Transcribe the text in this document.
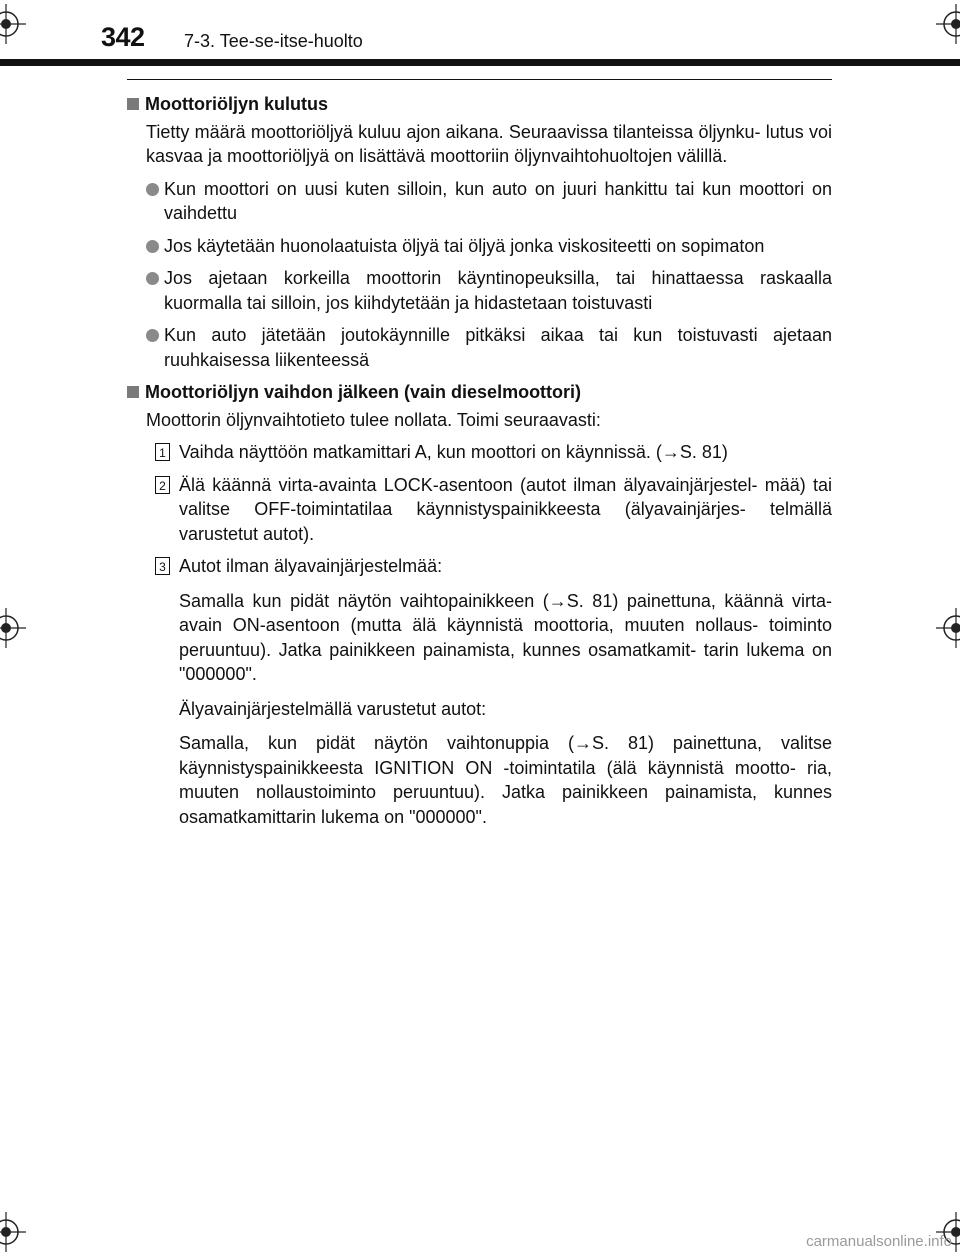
342 7-3. Tee-se-itse-huolto
Moottoriöljyn kulutus
Tietty määrä moottoriöljyä kuluu ajon aikana. Seuraavissa tilanteissa öljynku- lutus voi kasvaa ja moottoriöljyä on lisättävä moottoriin öljynvaihtohuoltojen välillä.
Kun moottori on uusi kuten silloin, kun auto on juuri hankittu tai kun moottori on vaihdettu
Jos käytetään huonolaatuista öljyä tai öljyä jonka viskositeetti on sopimaton
Jos ajetaan korkeilla moottorin käyntinopeuksilla, tai hinattaessa raskaalla kuormalla tai silloin, jos kiihdytetään ja hidastetaan toistuvasti
Kun auto jätetään joutokäynnille pitkäksi aikaa tai kun toistuvasti ajetaan ruuhkaisessa liikenteessä
Moottoriöljyn vaihdon jälkeen (vain dieselmoottori)
Moottorin öljynvaihtotieto tulee nollata. Toimi seuraavasti:
1 Vaihda näyttöön matkamittari A, kun moottori on käynnissä. (→S. 81)
2 Älä käännä virta-avainta LOCK-asentoon (autot ilman älyavainjärjestel- mää) tai valitse OFF-toimintatilaa käynnistyspainikkeesta (älyavainjärjes- telmällä varustetut autot).
3 Autot ilman älyavainjärjestelmää:
Samalla kun pidät näytön vaihtopainikkeen (→S. 81) painettuna, käännä virta-avain ON-asentoon (mutta älä käynnistä moottoria, muuten nollaus- toiminto peruuntuu). Jatka painikkeen painamista, kunnes osamatkamit- tarin lukema on "000000".
Älyavainjärjestelmällä varustetut autot:
Samalla, kun pidät näytön vaihtonuppia (→S. 81) painettuna, valitse käynnistyspainikkeesta IGNITION ON -toimintatila (älä käynnistä mootto- ria, muuten nollaustoiminto peruuntuu). Jatka painikkeen painamista, kunnes osamatkamittarin lukema on "000000".
carmanualsonline.info
